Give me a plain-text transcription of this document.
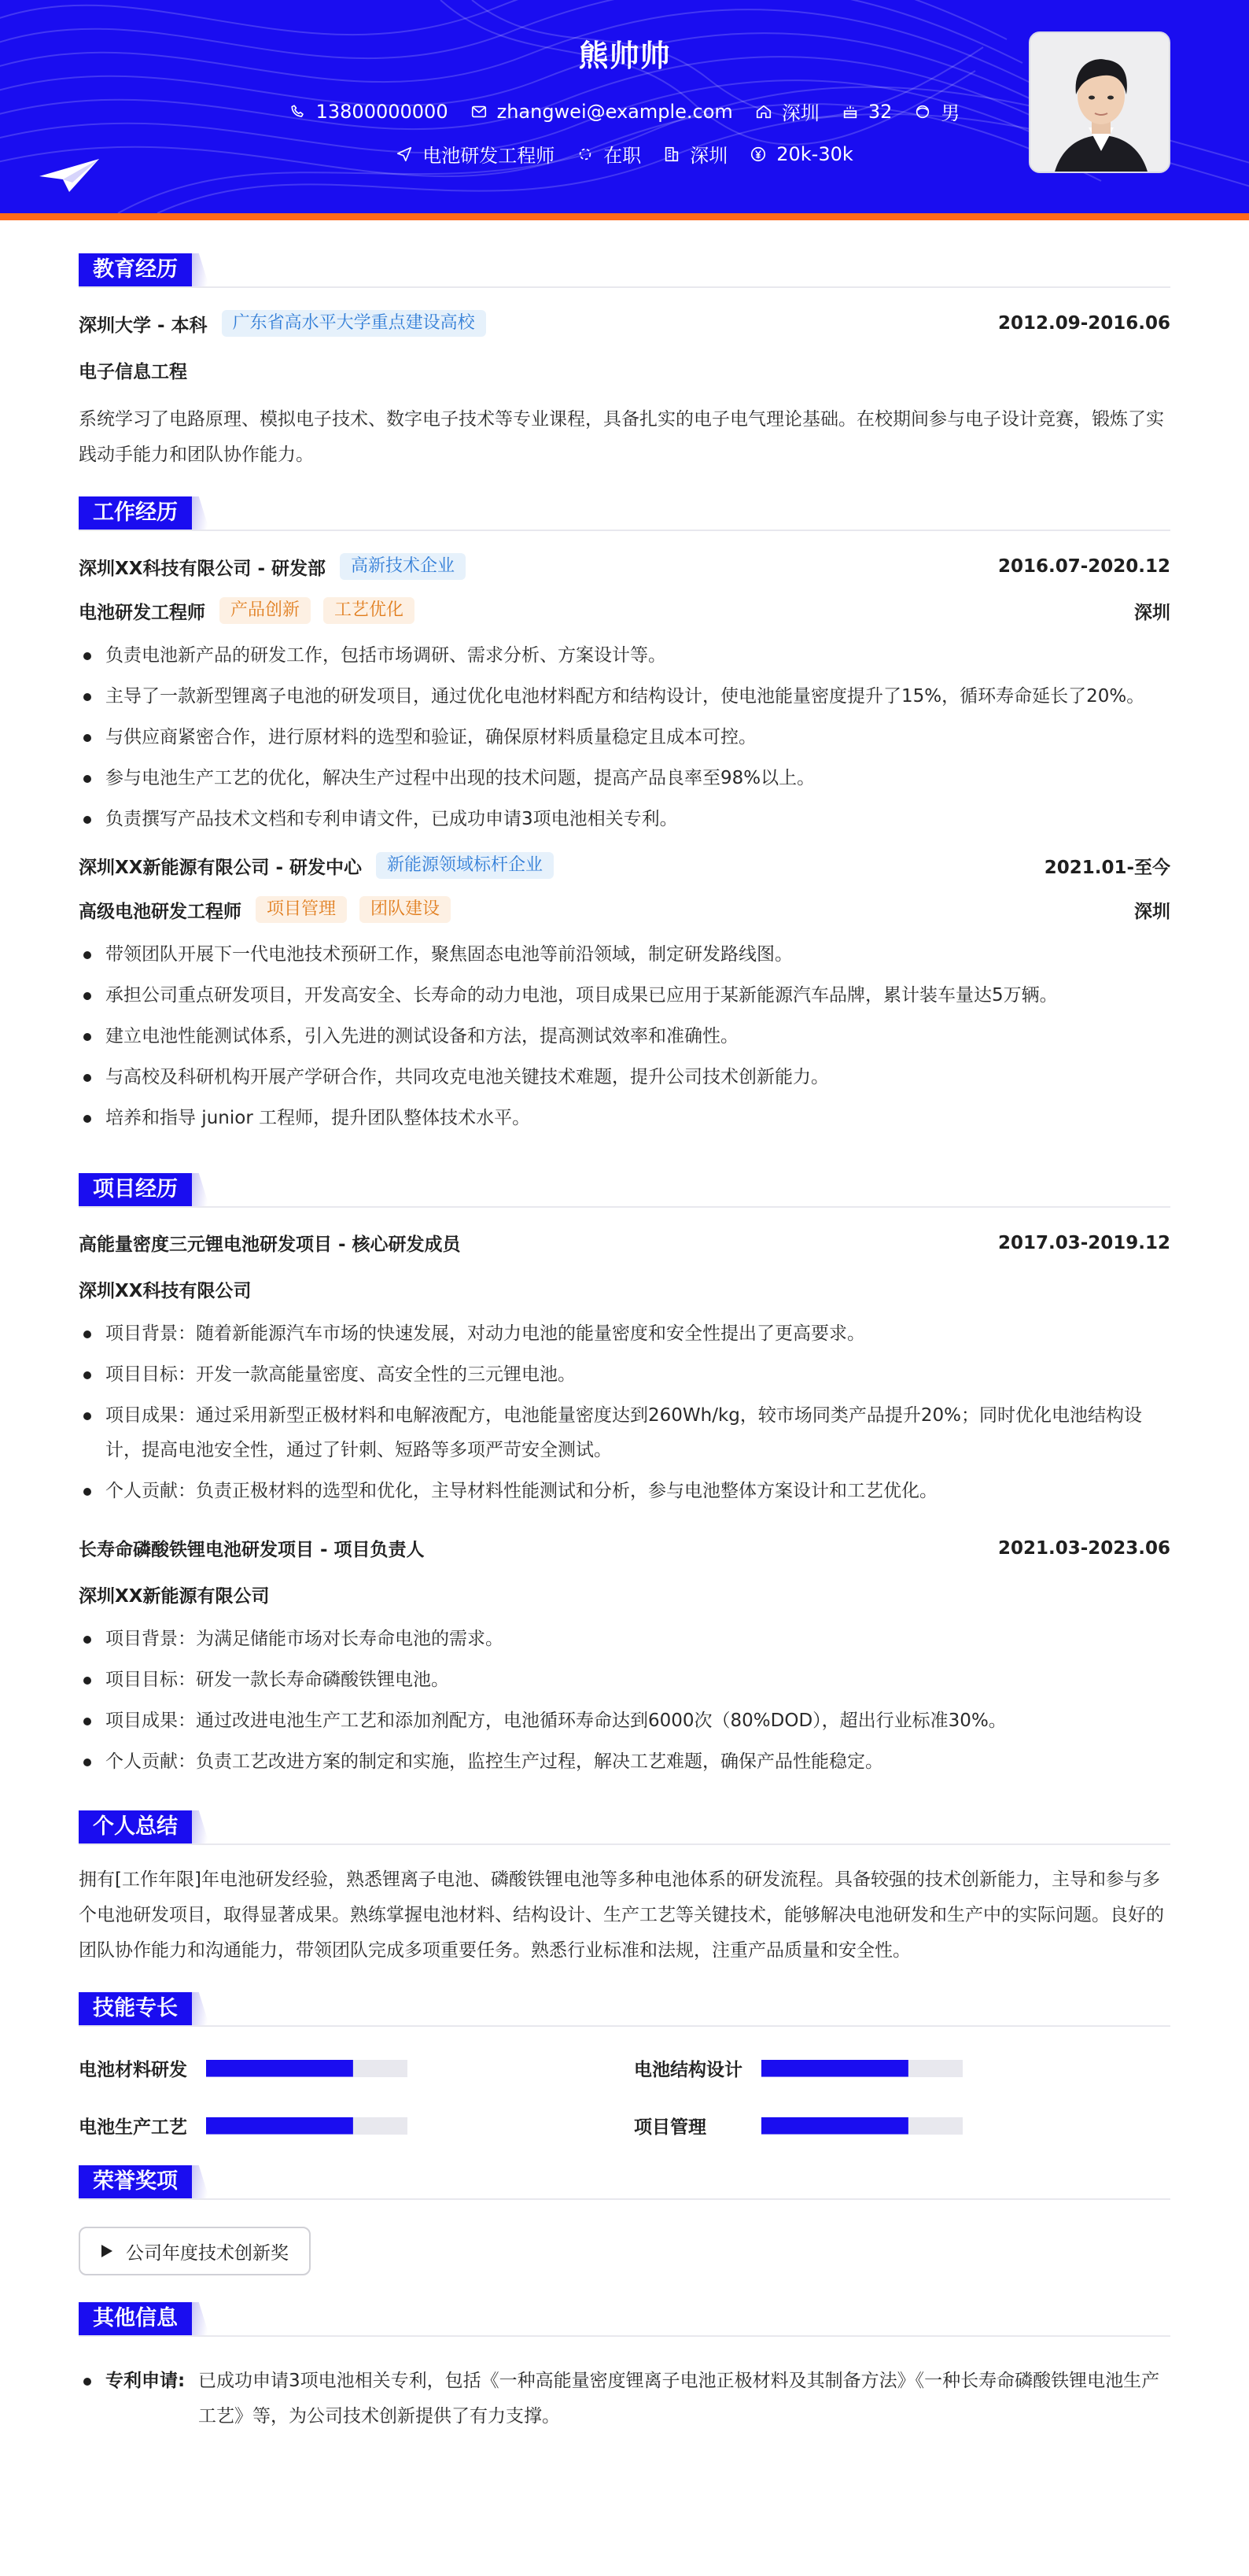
熊帅帅
13800000000	zhangwei@example.com	深圳	32	男
电池研发工程师	在职	深圳	20k-30k
教育经历
深圳大学 - 本科	广东省高水平大学重点建设高校	2012.09-2016.06
电子信息工程
系统学习了电路原理、模拟电子技术、数字电子技术等专业课程，具备扎实的电子电气理论基础。在校期间参与电子设计竞赛，锻炼了实践动手能力和团队协作能力。
工作经历
深圳XX科技有限公司 - 研发部	高新技术企业	2016.07-2020.12
电池研发工程师	产品创新	工艺优化	深圳
负责电池新产品的研发工作，包括市场调研、需求分析、方案设计等。
主导了一款新型锂离子电池的研发项目，通过优化电池材料配方和结构设计，使电池能量密度提升了15%，循环寿命延长了20%。
与供应商紧密合作，进行原材料的选型和验证，确保原材料质量稳定且成本可控。
参与电池生产工艺的优化，解决生产过程中出现的技术问题，提高产品良率至98%以上。
负责撰写产品技术文档和专利申请文件，已成功申请3项电池相关专利。
深圳XX新能源有限公司 - 研发中心	新能源领域标杆企业	2021.01-至今
高级电池研发工程师	项目管理	团队建设	深圳
带领团队开展下一代电池技术预研工作，聚焦固态电池等前沿领域，制定研发路线图。
承担公司重点研发项目，开发高安全、长寿命的动力电池，项目成果已应用于某新能源汽车品牌，累计装车量达5万辆。
建立电池性能测试体系，引入先进的测试设备和方法，提高测试效率和准确性。
与高校及科研机构开展产学研合作，共同攻克电池关键技术难题，提升公司技术创新能力。
培养和指导 junior 工程师，提升团队整体技术水平。
项目经历
高能量密度三元锂电池研发项目 - 核心研发成员	2017.03-2019.12
深圳XX科技有限公司
项目背景：随着新能源汽车市场的快速发展，对动力电池的能量密度和安全性提出了更高要求。
项目目标：开发一款高能量密度、高安全性的三元锂电池。
项目成果：通过采用新型正极材料和电解液配方，电池能量密度达到260Wh/kg，较市场同类产品提升20%；同时优化电池结构设计，提高电池安全性，通过了针刺、短路等多项严苛安全测试。
个人贡献：负责正极材料的选型和优化，主导材料性能测试和分析，参与电池整体方案设计和工艺优化。
长寿命磷酸铁锂电池研发项目 - 项目负责人	2021.03-2023.06
深圳XX新能源有限公司
项目背景：为满足储能市场对长寿命电池的需求。
项目目标：研发一款长寿命磷酸铁锂电池。
项目成果：通过改进电池生产工艺和添加剂配方，电池循环寿命达到6000次（80%DOD），超出行业标准30%。
个人贡献：负责工艺改进方案的制定和实施，监控生产过程，解决工艺难题，确保产品性能稳定。
个人总结
拥有[工作年限]年电池研发经验，熟悉锂离子电池、磷酸铁锂电池等多种电池体系的研发流程。具备较强的技术创新能力，主导和参与多个电池研发项目，取得显著成果。熟练掌握电池材料、结构设计、生产工艺等关键技术，能够解决电池研发和生产中的实际问题。良好的团队协作能力和沟通能力，带领团队完成多项重要任务。熟悉行业标准和法规，注重产品质量和安全性。
技能专长
电池材料研发	电池结构设计
电池生产工艺	项目管理
荣誉奖项
公司年度技术创新奖
其他信息
专利申请: 已成功申请3项电池相关专利，包括《一种高能量密度锂离子电池正极材料及其制备方法》《一种长寿命磷酸铁锂电池生产工艺》等，为公司技术创新提供了有力支撑。
